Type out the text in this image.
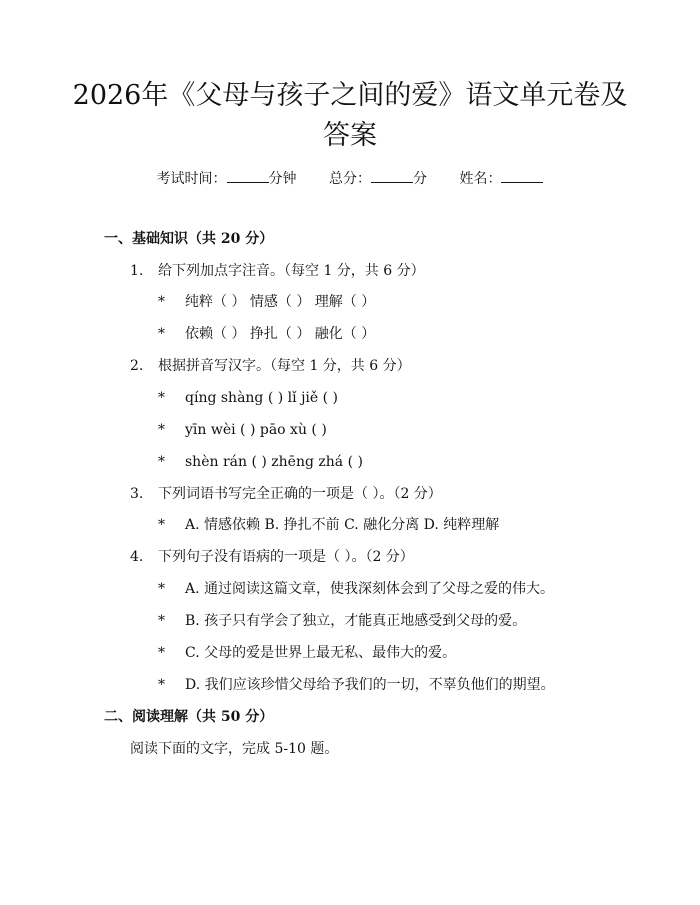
2026年《父母与孩子之间的爱》语文单元卷及答案
考试时间：	分钟 总分：	分 姓名：
一、基础知识（共 20 分）
1. 给下列加点字注音。（每空 1 分，共 6 分）
* 纯粹（ ） 情感（ ） 理解（ ）
* 依赖（ ） 挣扎（ ） 融化（ ）
2. 根据拼音写汉字。（每空 1 分，共 6 分）
* qíng shàng ( ) lǐ jiě ( )
* yīn wèi ( ) pāo xù ( )
* shèn rán ( ) zhēng zhá ( )
3. 下列词语书写完全正确的一项是（ ）。（2 分）
* A. 情感依赖 B. 挣扎不前 C. 融化分离 D. 纯粹理解
4. 下列句子没有语病的一项是（ ）。（2 分）
* A. 通过阅读这篇文章，使我深刻体会到了父母之爱的伟大。
* B. 孩子只有学会了独立，才能真正地感受到父母的爱。
* C. 父母的爱是世界上最无私、最伟大的爱。
* D. 我们应该珍惜父母给予我们的一切，不辜负他们的期望。
二、阅读理解（共 50 分）
阅读下面的文字，完成 5-10 题。
